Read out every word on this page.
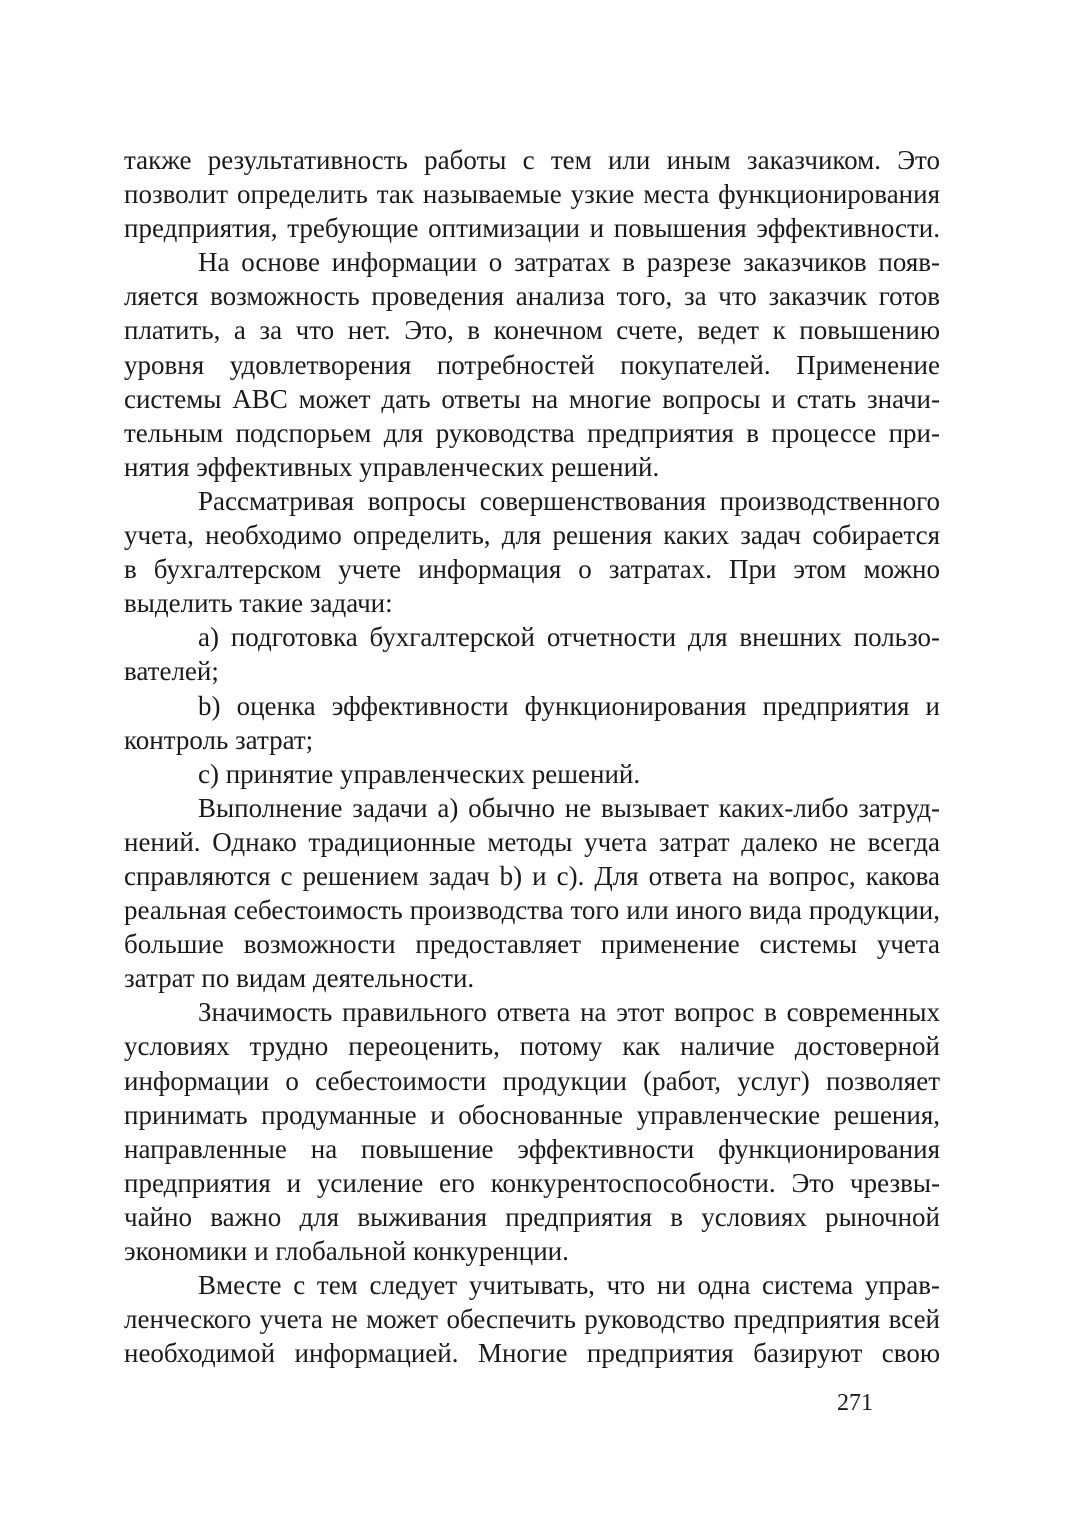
также результативность работы с тем или иным заказчиком. Это
позволит определить так называемые узкие места функционирования
предприятия, требующие оптимизации и повышения эффективности.
На основе информации о затратах в разрезе заказчиков появ-
ляется возможность проведения анализа того, за что заказчик готов
платить, а за что нет. Это, в конечном счете, ведет к повышению
уровня удовлетворения потребностей покупателей. Применение
системы АВС может дать ответы на многие вопросы и стать значи-
тельным подспорьем для руководства предприятия в процессе при-
нятия эффективных управленческих решений.
Рассматривая вопросы совершенствования производственного
учета, необходимо определить, для решения каких задач собирается
в бухгалтерском учете информация о затратах. При этом можно
выделить такие задачи:
a) подготовка бухгалтерской отчетности для внешних пользо-
вателей;
b) оценка эффективности функционирования предприятия и
контроль затрат;
c) принятие управленческих решений.
Выполнение задачи a) обычно не вызывает каких-либо затруд-
нений. Однако традиционные методы учета затрат далеко не всегда
справляются с решением задач b) и c). Для ответа на вопрос, какова
реальная себестоимость производства того или иного вида продукции,
большие возможности предоставляет применение системы учета
затрат по видам деятельности.
Значимость правильного ответа на этот вопрос в современных
условиях трудно переоценить, потому как наличие достоверной
информации о себестоимости продукции (работ, услуг) позволяет
принимать продуманные и обоснованные управленческие решения,
направленные на повышение эффективности функционирования
предприятия и усиление его конкурентоспособности. Это чрезвы-
чайно важно для выживания предприятия в условиях рыночной
экономики и глобальной конкуренции.
Вместе с тем следует учитывать, что ни одна система управ-
ленческого учета не может обеспечить руководство предприятия всей
необходимой информацией. Многие предприятия базируют свою
271
